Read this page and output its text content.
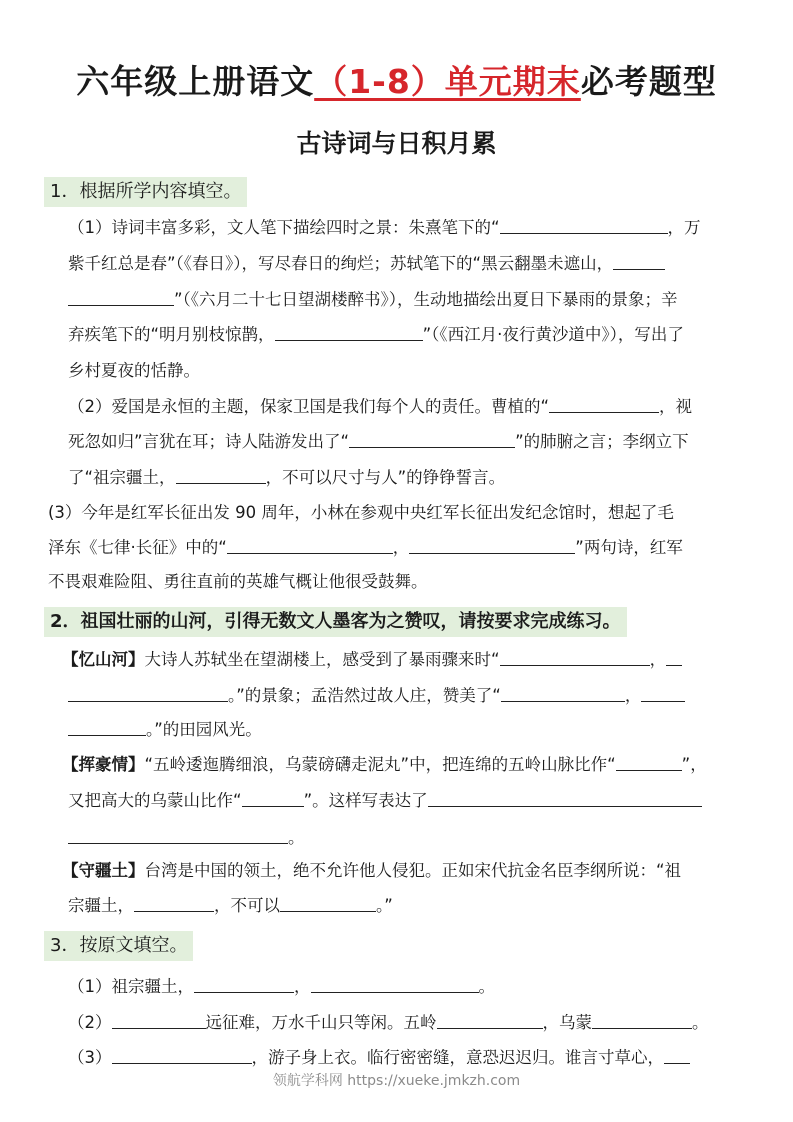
六年级上册语文（1-8）单元期末必考题型
古诗词与日积月累
1．根据所学内容填空。
（1）诗词丰富多彩，文人笔下描绘四时之景：朱熹笔下的“	，万
紫千红总是春”（《春日》），写尽春日的绚烂；苏轼笔下的“黑云翻墨未遮山，
”（《六月二十七日望湖楼醉书》），生动地描绘出夏日下暴雨的景象；辛
弃疾笔下的“明月别枝惊鹊，	”（《西江月·夜行黄沙道中》），写出了
乡村夏夜的恬静。
（2）爱国是永恒的主题，保家卫国是我们每个人的责任。曹植的“	，视
死忽如归”言犹在耳；诗人陆游发出了“	”的肺腑之言；李纲立下
了“祖宗疆土，	，不可以尺寸与人”的铮铮誓言。
(3）今年是红军长征出发 90 周年，小林在参观中央红军长征出发纪念馆时，想起了毛
泽东《七律·长征》中的“	，	”两句诗，红军
不畏艰难险阻、勇往直前的英雄气概让他很受鼓舞。
2．祖国壮丽的山河，引得无数文人墨客为之赞叹，请按要求完成练习。
【忆山河】大诗人苏轼坐在望湖楼上，感受到了暴雨骤来时“	，
。”的景象；孟浩然过故人庄，赞美了“	，
。”的田园风光。
【挥豪情】“五岭逶迤腾细浪，乌蒙磅礴走泥丸”中，把连绵的五岭山脉比作“	”，
又把高大的乌蒙山比作“	”。这样写表达了
。
【守疆土】台湾是中国的领土，绝不允许他人侵犯。正如宋代抗金名臣李纲所说：“祖
宗疆土，	，不可以	。”
3．按原文填空。
（1）祖宗疆土，	，	。
（2）	远征难，万水千山只等闲。五岭	，乌蒙	。
（3）	，游子身上衣。临行密密缝，意恐迟迟归。谁言寸草心，
领航学科网 https://xueke.jmkzh.com
